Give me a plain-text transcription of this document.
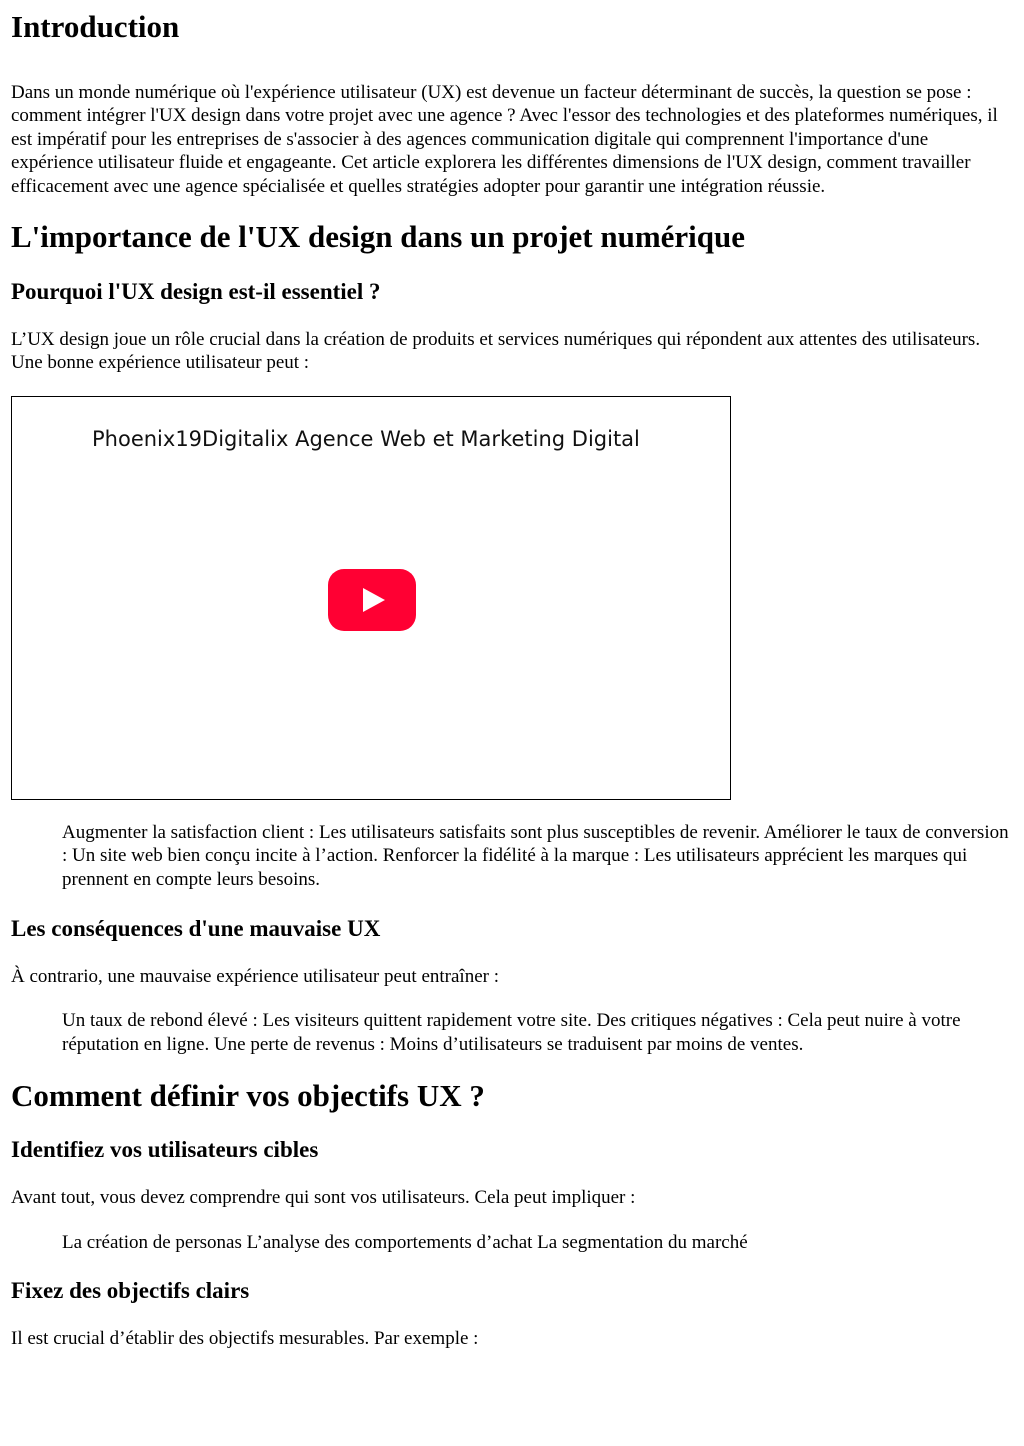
Introduction

Dans un monde numérique où l'expérience utilisateur (UX) est devenue un facteur déterminant de succès, la question se pose : comment intégrer l'UX design dans votre projet avec une agence ? Avec l'essor des technologies et des plateformes numériques, il est impératif pour les entreprises de s'associer à des agences communication digitale qui comprennent l'importance d'une expérience utilisateur fluide et engageante. Cet article explorera les différentes dimensions de l'UX design, comment travailler efficacement avec une agence spécialisée et quelles stratégies adopter pour garantir une intégration réussie.

L'importance de l'UX design dans un projet numérique
Pourquoi l'UX design est-il essentiel ?

L’UX design joue un rôle crucial dans la création de produits et services numériques qui répondent aux attentes des utilisateurs. Une bonne expérience utilisateur peut :

Phoenix19Digitalix Agence Web et Marketing Digital

Augmenter la satisfaction client : Les utilisateurs satisfaits sont plus susceptibles de revenir. Améliorer le taux de conversion : Un site web bien conçu incite à l’action. Renforcer la fidélité à la marque : Les utilisateurs apprécient les marques qui prennent en compte leurs besoins.

Les conséquences d'une mauvaise UX

À contrario, une mauvaise expérience utilisateur peut entraîner :

Un taux de rebond élevé : Les visiteurs quittent rapidement votre site. Des critiques négatives : Cela peut nuire à votre réputation en ligne. Une perte de revenus : Moins d’utilisateurs se traduisent par moins de ventes.

Comment définir vos objectifs UX ?
Identifiez vos utilisateurs cibles

Avant tout, vous devez comprendre qui sont vos utilisateurs. Cela peut impliquer :

La création de personas L’analyse des comportements d’achat La segmentation du marché

Fixez des objectifs clairs

Il est crucial d’établir des objectifs mesurables. Par exemple :
